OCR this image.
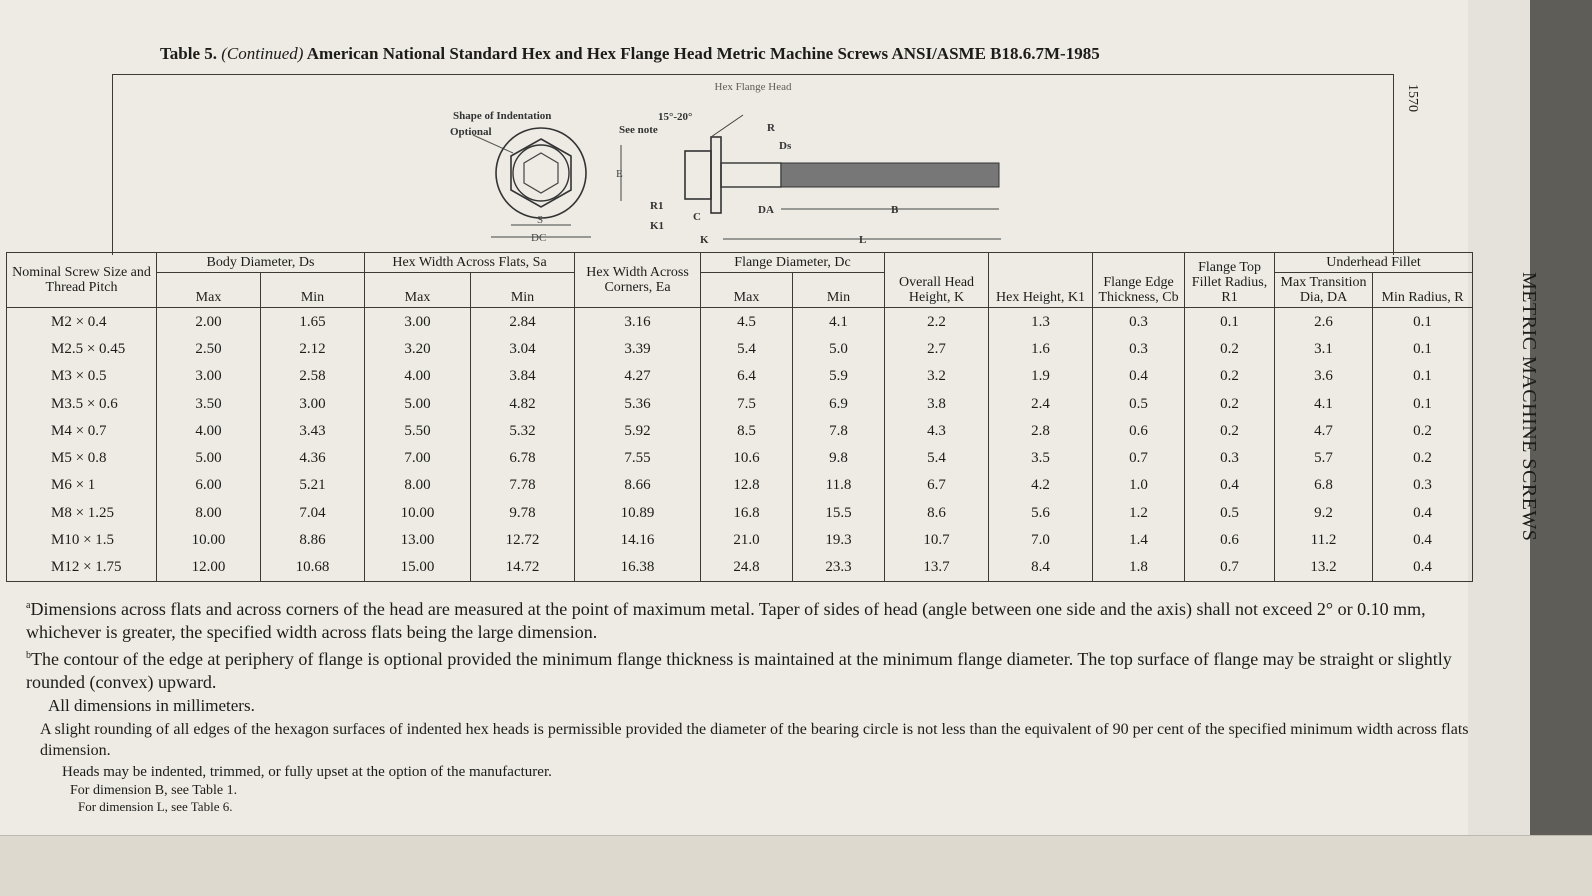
Table 5. (Continued) American National Standard Hex and Hex Flange Head Metric Machine Screws ANSI/ASME B18.6.7M-1985
1570
METRIC MACHINE SCREWS
Hex Flange Head
Shape of Indentation
Optional
E
S
DC
15°-20°
See note	R
Ds
R1
K1
C
K
DA	B
L
Nominal Screw Size and Thread Pitch	Body Diameter, Ds		Hex Width Across Flats, Sa		Hex Width Across Corners, Ea	Flange Diameter, Dc		Overall Head Height, K	Hex Height, K1	Flange Edge Thickness, Cb	Flange Top Fillet Radius, R1	Underhead Fillet	
	Max	Min	Max	Min		Max	Min					Max Transition Dia, DA	Min Radius, R
M2 × 0.4	2.00	1.65	3.00	2.84	3.16	4.5	4.1	2.2	1.3	0.3	0.1	2.6	0.1
M2.5 × 0.45	2.50	2.12	3.20	3.04	3.39	5.4	5.0	2.7	1.6	0.3	0.2	3.1	0.1
M3 × 0.5	3.00	2.58	4.00	3.84	4.27	6.4	5.9	3.2	1.9	0.4	0.2	3.6	0.1
M3.5 × 0.6	3.50	3.00	5.00	4.82	5.36	7.5	6.9	3.8	2.4	0.5	0.2	4.1	0.1
M4 × 0.7	4.00	3.43	5.50	5.32	5.92	8.5	7.8	4.3	2.8	0.6	0.2	4.7	0.2
M5 × 0.8	5.00	4.36	7.00	6.78	7.55	10.6	9.8	5.4	3.5	0.7	0.3	5.7	0.2
M6 × 1	6.00	5.21	8.00	7.78	8.66	12.8	11.8	6.7	4.2	1.0	0.4	6.8	0.3
M8 × 1.25	8.00	7.04	10.00	9.78	10.89	16.8	15.5	8.6	5.6	1.2	0.5	9.2	0.4
M10 × 1.5	10.00	8.86	13.00	12.72	14.16	21.0	19.3	10.7	7.0	1.4	0.6	11.2	0.4
M12 × 1.75	12.00	10.68	15.00	14.72	16.38	24.8	23.3	13.7	8.4	1.8	0.7	13.2	0.4

$^a$Dimensions across flats and across corners of the head are measured at the point of maximum metal. Taper of sides of head (angle between one side and the axis) shall not exceed 2° or 0.10 mm, whichever is greater, the specified width across flats being the large dimension.

$^b$The contour of the edge at periphery of flange is optional provided the minimum flange thickness is maintained at the minimum flange diameter. The top surface of flange may be straight or slightly rounded (convex) upward.

All dimensions in millimeters.

A slight rounding of all edges of the hexagon surfaces of indented hex heads is permissible provided the diameter of the bearing circle is not less than the equivalent of 90 per cent of the specified minimum width across flats dimension.

Heads may be indented, trimmed, or fully upset at the option of the manufacturer.

For dimension B, see Table 1.

For dimension L, see Table 6.
